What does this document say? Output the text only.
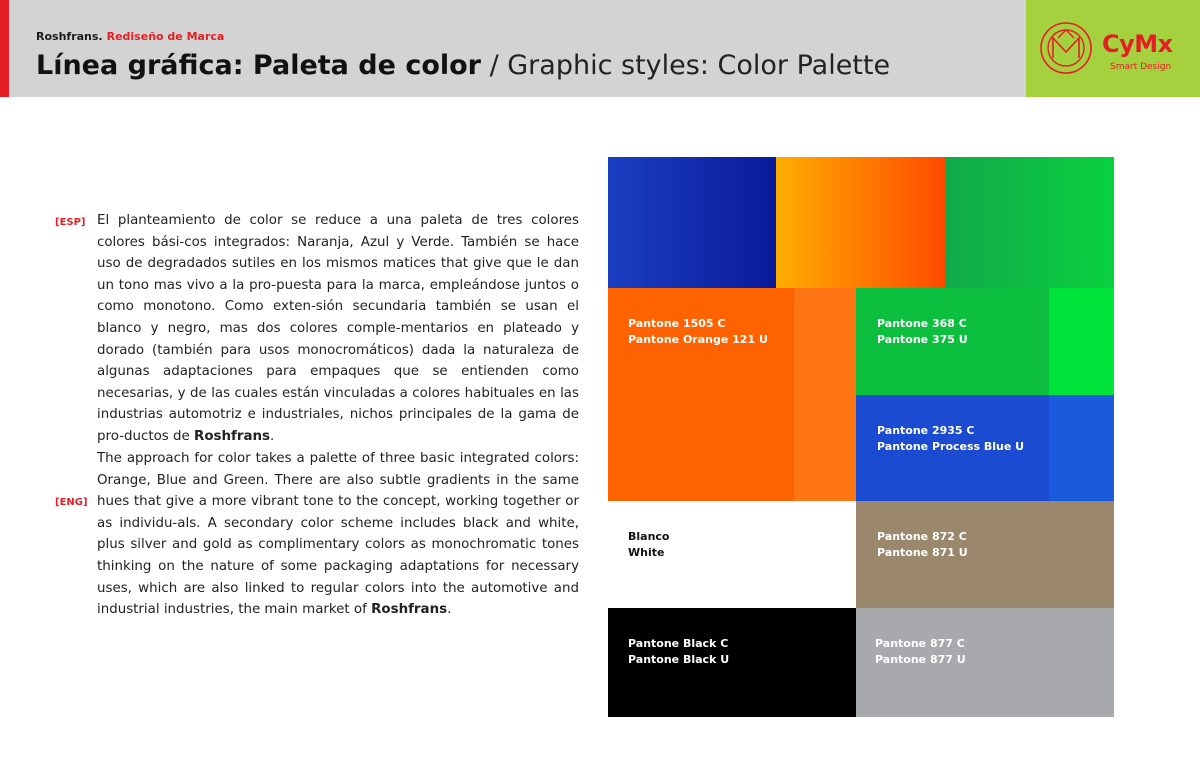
Roshfrans. Rediseño de Marca
Línea gráfica: Paleta de color / Graphic styles: Color Palette
CyMx
Smart Design
[ESP] El planteamiento de color se reduce a una paleta de tres colores colores bási-cos integrados: Naranja, Azul y Verde. También se hace uso de degradados sutiles en los mismos matices that give que le dan un tono mas vivo a la pro-puesta para la marca, empleándose juntos o como monotono. Como exten-sión secundaria también se usan el blanco y negro, mas dos colores comple-mentarios en plateado y dorado (también para usos monocromáticos) dada la naturaleza de algunas adaptaciones para empaques que se entienden como necesarias, y de las cuales están vinculadas a colores habituales en las industrias automotriz e industriales, nichos principales de la gama de pro-ductos de Roshfrans.
[ENG]
The approach for color takes a palette of three basic integrated colors: Orange, Blue and Green. There are also subtle gradients in the same hues that give a more vibrant tone to the concept, working together or as individu-als. A secondary color scheme includes black and white, plus silver and gold as complimentary colors as monochromatic tones thinking on the nature of some packaging adaptations for necessary uses, which are also linked to regular colors into the automotive and industrial industries, the main market of Roshfrans.
Pantone 1505 C
Pantone Orange 121 U
Pantone 368 C
Pantone 375 U
Pantone 2935 C
Pantone Process Blue U
Blanco
White
Pantone 872 C
Pantone 871 U
Pantone Black C
Pantone Black U
Pantone 877 C
Pantone 877 U
